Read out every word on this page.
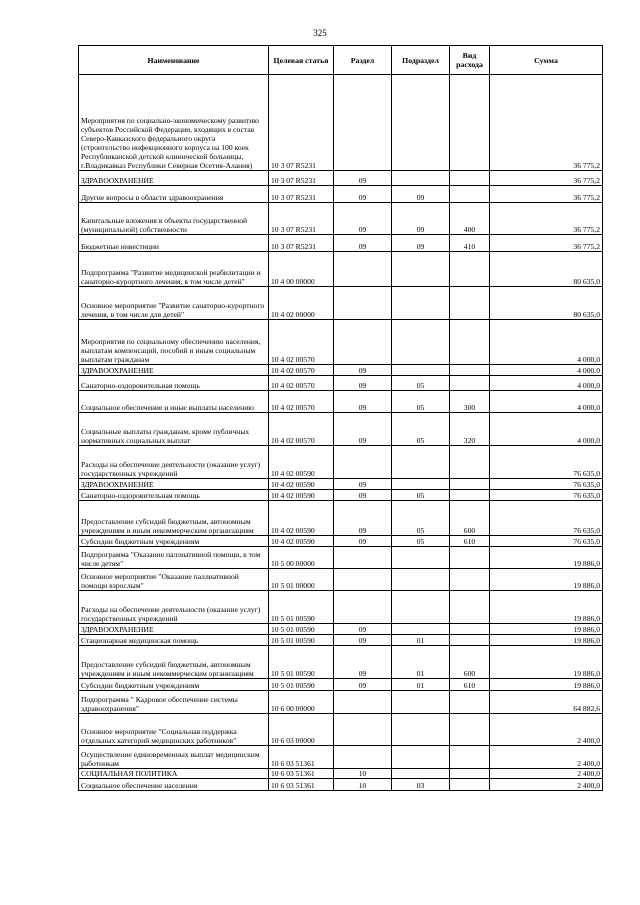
325
Наименование	Целевая статья	Раздел	Подраздел	Вид расхода	Сумма
Мероприятия по социально-экономическому развитию субъектов Российской Федерации, входящих в состав Северо-Кавказского федерального округа (строительство инфекционного корпуса на 100 коек Республиканской детской клинической больницы, г.Владикавказ Республики Северная Осетия-Алания)	10 3 07 R5231				36 775,2
ЗДРАВООХРАНЕНИЕ	10 3 07 R5231	09			36 775,2
Другие вопросы в области здравоохранения	10 3 07 R5231	09	09		36 775,2
Капитальные вложения в объекты государственной (муниципальной) собственности	10 3 07 R5231	09	09	400	36 775,2
Бюджетные инвестиции	10 3 07 R5231	09	09	410	36 775,2
Подпрограмма "Развитие медицинской реабилитации и санаторно-курортного лечения, в том числе детей"	10 4 00 00000				80 635,0
Основное мероприятие "Развитие санаторно-курортного лечения, в том числе для детей"	10 4 02 00000				80 635,0
Мероприятия по социальному обеспечению населения, выплатам компенсаций, пособий и иным социальным выплатам гражданам	10 4 02 00570				4 000,0
ЗДРАВООХРАНЕНИЕ	10 4 02 00570	09			4 000,0
Санаторно-оздоровительная помощь	10 4 02 00570	09	05		4 000,0
Социальное обеспечение и иные выплаты населению	10 4 02 00570	09	05	300	4 000,0
Социальные выплаты гражданам, кроме публичных нормативных социальных выплат	10 4 02 00570	09	05	320	4 000,0
Расходы на обеспечение деятельности (оказание услуг) государственных учреждений	10 4 02 00590				76 635,0
ЗДРАВООХРАНЕНИЕ	10 4 02 00590	09			76 635,0
Санаторно-оздоровительная помощь	10 4 02 00590	09	05		76 635,0
Предоставление субсидий бюджетным, автономным учреждениям и иным некоммерческим организациям	10 4 02 00590	09	05	600	76 635,0
Субсидии бюджетным учреждениям	10 4 02 00590	09	05	610	76 635,0
Подпрограмма "Оказание паллиативной помощи, в том числе детям"	10 5 00 00000				19 886,0
Основное мероприятие "Оказание паллиативной помощи взрослым"	10 5 01 00000				19 886,0
Расходы на обеспечение деятельности (оказание услуг) государственных учреждений	10 5 01 00590				19 886,0
ЗДРАВООХРАНЕНИЕ	10 5 01 00590	09			19 886,0
Стационарная медицинская помощь	10 5 01 00590	09	01		19 886,0
Предоставление субсидий бюджетным, автономным учреждениям и иным некоммерческим организациям	10 5 01 00590	09	01	600	19 886,0
Субсидии бюджетным учреждениям	10 5 01 00590	09	01	610	19 886,0
Подпрограмма " Кадровое обеспечение системы здравоохранения"	10 6 00 00000				64 882,6
Основное мероприятие "Социальная поддержка отдельных категорий медицинских работников"	10 6 03 00000				2 400,0
Осуществление единовременных выплат медицинским работникам	10 6 03 51361				2 400,0
СОЦИАЛЬНАЯ ПОЛИТИКА	10 6 03 51361	10			2 400,0
Социальное обеспечение населения	10 6 03 51361	10	03		2 400,0
